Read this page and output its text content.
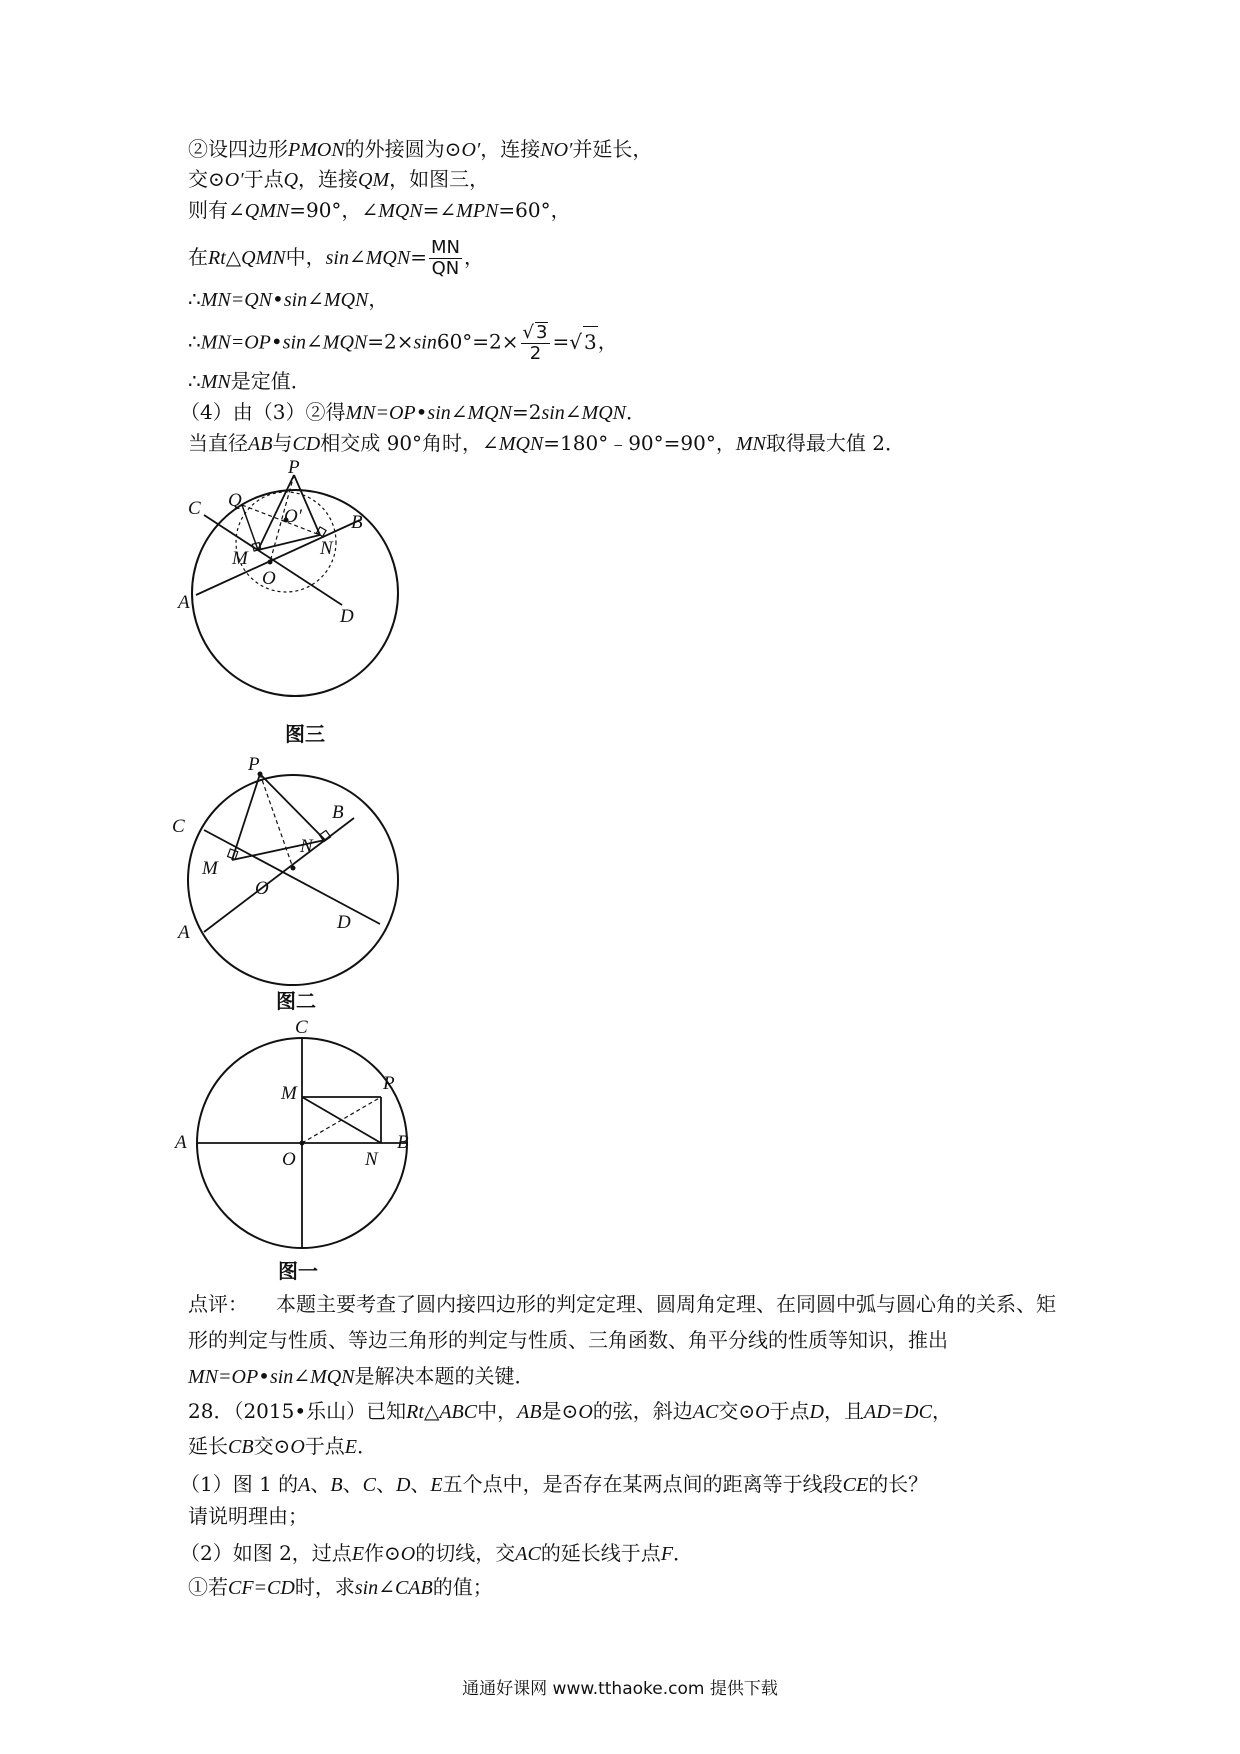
②设四边形PMON的外接圆为⊙O′，连接NO′并延长，
交⊙O′于点Q，连接QM，如图三，
则有∠QMN=90°，∠MQN=∠MPN=60°，
在Rt△QMN中，sin∠MQN= $\frac{MN}{QN}$ ，
∴MN=QN•sin∠MQN，
∴MN=OP•sin∠MQN=2×sin60°=2× $\frac{√ 3}{2}$ =√ 3，
∴MN是定值．
（4）由（3）②得MN=OP•sin∠MQN=2sin∠MQN．
当直径AB与CD相交成 90°角时，∠MQN=180°﹣90°=90°，MN取得最大值 2．
P
Q
O′
C
B
M	N
O
A
D
图三
P
C
B
M
N
O
A	D
图二
C
P
M
A	B
O	N
图一
点评： 本题主要考查了圆内接四边形的判定定理、圆周角定理、在同圆中弧与圆心角的关系、矩形的判定与性质、等边三角形的判定与性质、三角函数、角平分线的性质等知识，推出MN=OP•sin∠MQN是解决本题的关键．
28．（2015•乐山）已知Rt△ABC中，AB是⊙O的弦，斜边AC交⊙O于点D，且AD=DC，
延长CB交⊙O于点E．
（1）图 1 的A、B、C、D、E五个点中，是否存在某两点间的距离等于线段CE的长？
请说明理由；
（2）如图 2，过点E作⊙O的切线，交AC的延长线于点F．
①若CF=CD时，求sin∠CAB的值；
通通好课网 www.tthaoke.com 提供下载
